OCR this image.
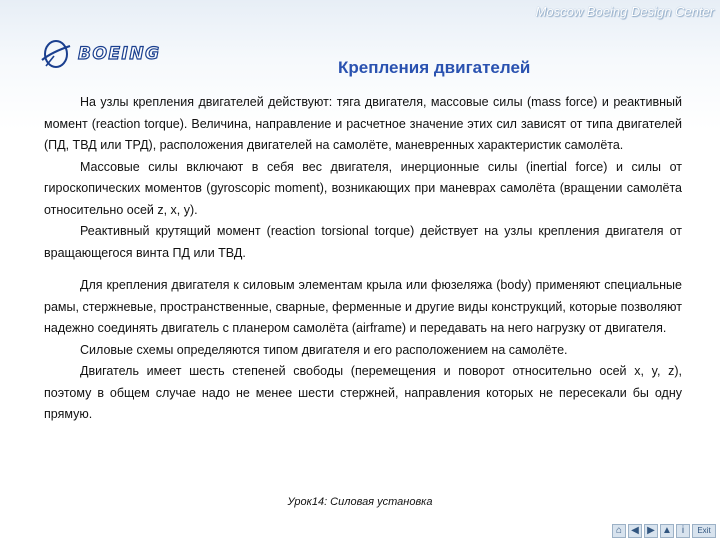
Moscow Boeing Design Center
BOEING
Крепления двигателей

На узлы крепления двигателей действуют: тяга двигателя, массовые силы (mass force) и реактивный момент (reaction torque). Величина, направление и расчетное значение этих сил зависят от типа двигателей (ПД, ТВД или ТРД), расположения двигателей на самолёте, маневренных характеристик самолёта.

Массовые силы включают в себя вес двигателя, инерционные силы (inertial force) и силы от гироскопических моментов (gyroscopic moment), возникающих при маневрах самолёта (вращении самолёта относительно осей z, x, y).

Реактивный крутящий момент (reaction torsional torque) действует на узлы крепления двигателя от вращающегося винта ПД или ТВД.

Для крепления двигателя к силовым элементам крыла или фюзеляжа (body) применяют специальные рамы, стержневые, пространственные, сварные, ферменные и другие виды конструкций, которые позволяют надежно соединять двигатель с планером самолёта (airframe) и передавать на него нагрузку от двигателя.

Силовые схемы определяются типом двигателя и его расположением на самолёте.

Двигатель имеет шесть степеней свободы (перемещения и поворот относительно осей x, y, z), поэтому в общем случае надо не менее шести стержней, направления которых не пересекали бы одну прямую.

Урок14: Силовая установка
⌂ ◀ ▶ ▲ i	Exit
